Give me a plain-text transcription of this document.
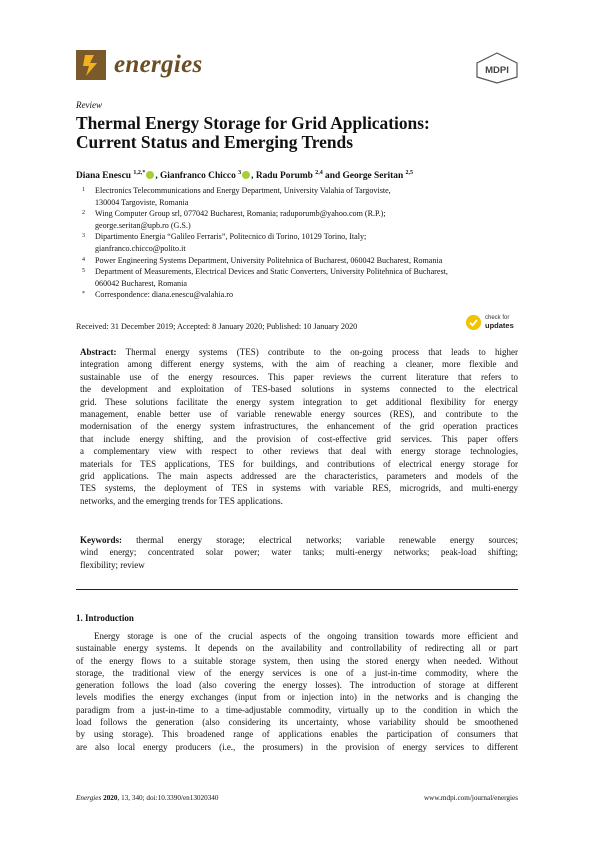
energies	MDPI
Review
Thermal Energy Storage for Grid Applications:
Current Status and Emerging Trends
Diana Enescu $^{1,2,*}$ , Gianfranco Chicco $^3$ , Radu Porumb $^{2,4}$ and George Seritan $^{2,5}$
1	Electronics Telecommunications and Energy Department, University Valahia of Targoviste,
130004 Targoviste, Romania
2	Wing Computer Group srl, 077042 Bucharest, Romania; raduporumb@yahoo.com (R.P.);
george.seritan@upb.ro (G.S.)
3	Dipartimento Energia “Galileo Ferraris”, Politecnico di Torino, 10129 Torino, Italy;
gianfranco.chicco@polito.it
4	Power Engineering Systems Department, University Politehnica of Bucharest, 060042 Bucharest, Romania
5	Department of Measurements, Electrical Devices and Static Converters, University Politehnica of Bucharest,
060042 Bucharest, Romania
*	Correspondence: diana.enescu@valahia.ro
Received: 31 December 2019; Accepted: 8 January 2020; Published: 10 January 2020
check for
updates
Abstract: Thermal energy systems (TES) contribute to the on-going process that leads to higher
integration among different energy systems, with the aim of reaching a cleaner, more flexible and
sustainable use of the energy resources. This paper reviews the current literature that refers to
the development and exploitation of TES-based solutions in systems connected to the electrical
grid. These solutions facilitate the energy system integration to get additional flexibility for energy
management, enable better use of variable renewable energy sources (RES), and contribute to the
modernisation of the energy system infrastructures, the enhancement of the grid operation practices
that include energy shifting, and the provision of cost-effective grid services. This paper offers
a complementary view with respect to other reviews that deal with energy storage technologies,
materials for TES applications, TES for buildings, and contributions of electrical energy storage for
grid applications. The main aspects addressed are the characteristics, parameters and models of the
TES systems, the deployment of TES in systems with variable RES, microgrids, and multi-energy
networks, and the emerging trends for TES applications.
Keywords: thermal energy storage; electrical networks; variable renewable energy sources;
wind energy; concentrated solar power; water tanks; multi-energy networks; peak-load shifting;
flexibility; review
1. Introduction
Energy storage is one of the crucial aspects of the ongoing transition towards more efficient and
sustainable energy systems. It depends on the availability and controllability of redirecting all or part
of the energy flows to a suitable storage system, then using the stored energy when needed. Without
storage, the traditional view of the energy services is one of a just-in-time commodity, where the
generation follows the load (also covering the energy losses). The introduction of storage at different
levels modifies the energy exchanges (input from or injection into) in the networks and is changing the
paradigm from a just-in-time to a time-adjustable commodity, virtually up to the condition in which the
load follows the generation (also considering its uncertainty, whose variability should be smoothened
by using storage). This broadened range of applications enables the participation of consumers that
are also local energy producers (i.e., the prosumers) in the provision of energy services to different
Energies 2020, 13, 340; doi:10.3390/en13020340	www.mdpi.com/journal/energies
